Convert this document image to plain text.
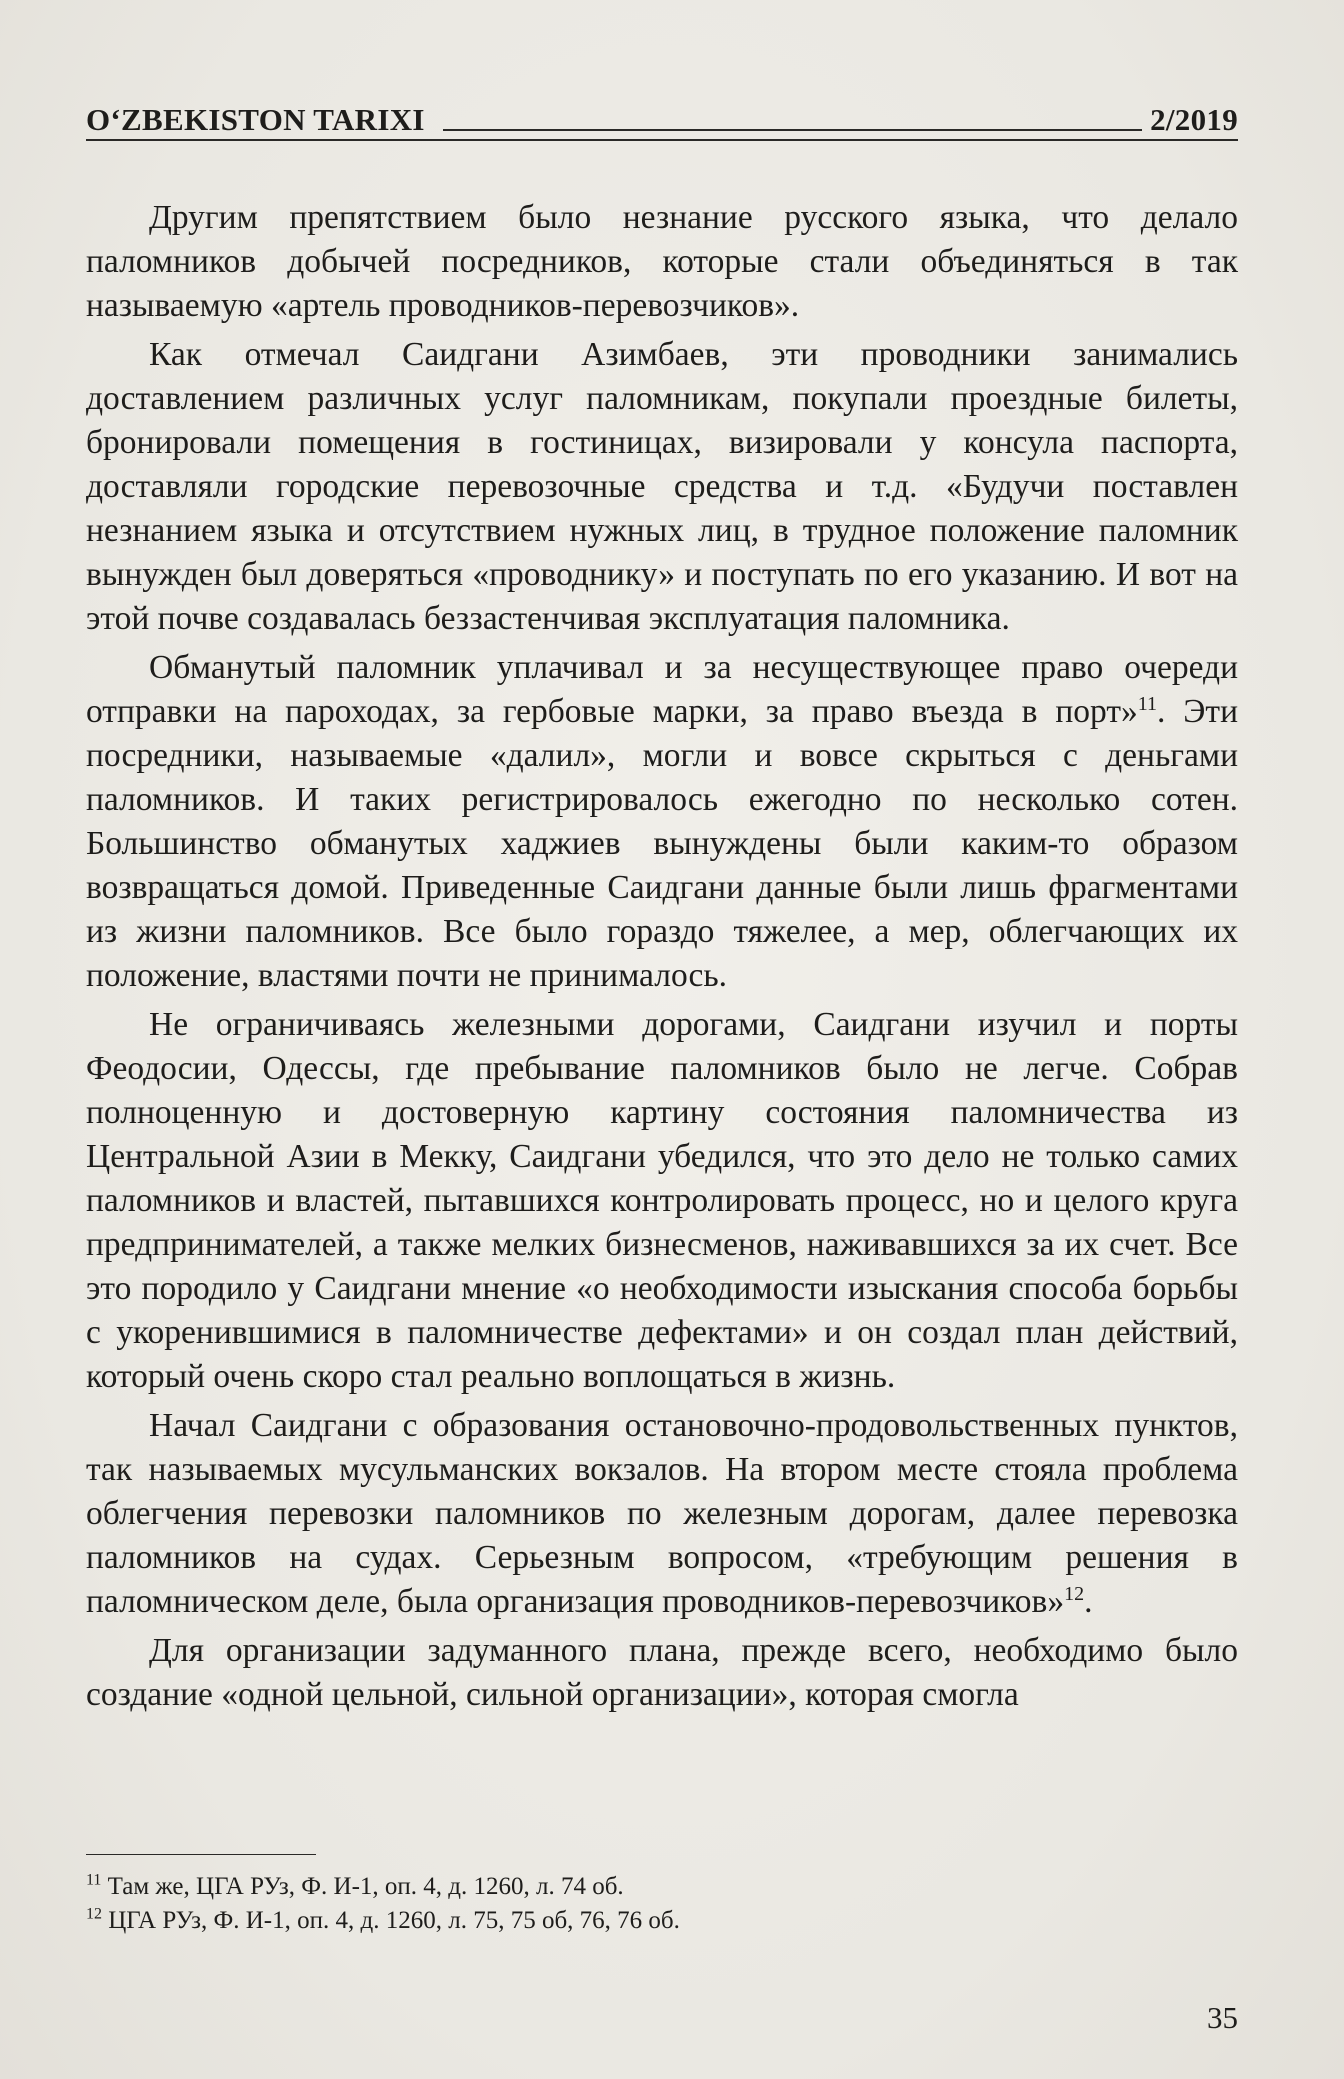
O‘ZBEKISTON TARIXI	2/2019

Другим препятствием было незнание русского языка, что делало паломников добычей посредников, которые стали объединяться в так называемую «артель проводников-перевозчиков».

Как отмечал Саидгани Азимбаев, эти проводники занимались доставлением различных услуг паломникам, покупали проездные билеты, бронировали помещения в гостиницах, визировали у консула паспорта, доставляли городские перевозочные средства и т.д. «Будучи поставлен незнанием языка и отсутствием нужных лиц, в трудное положение паломник вынужден был доверяться «проводнику» и поступать по его указанию. И вот на этой почве создавалась беззастенчивая эксплуатация паломника.

Обманутый паломник уплачивал и за несуществующее право очереди отправки на пароходах, за гербовые марки, за право въезда в порт»$^{11}$. Эти посредники, называемые «далил», могли и вовсе скрыться с деньгами паломников. И таких регистрировалось ежегодно по несколько сотен. Большинство обманутых хаджиев вынуждены были каким-то образом возвращаться домой. Приведенные Саидгани данные были лишь фрагментами из жизни паломников. Все было гораздо тяжелее, а мер, облегчающих их положение, властями почти не принималось.

Не ограничиваясь железными дорогами, Саидгани изучил и порты Феодосии, Одессы, где пребывание паломников было не легче. Собрав полноценную и достоверную картину состояния паломничества из Центральной Азии в Мекку, Саидгани убедился, что это дело не только самих паломников и властей, пытавшихся контролировать процесс, но и целого круга предпринимателей, а также мелких бизнесменов, наживавшихся за их счет. Все это породило у Саидгани мнение «о необходимости изыскания способа борьбы с укоренившимися в паломничестве дефектами» и он создал план действий, который очень скоро стал реально воплощаться в жизнь.

Начал Саидгани с образования остановочно-продовольственных пунктов, так называемых мусульманских вокзалов. На втором месте стояла проблема облегчения перевозки паломников по железным дорогам, далее перевозка паломников на судах. Серьезным вопросом, «требующим решения в паломническом деле, была организация проводников-перевозчиков»$^{12}$.

Для организации задуманного плана, прежде всего, необходимо было создание «одной цельной, сильной организации», которая смогла

$^{11}$ Там же, ЦГА РУз, Ф. И-1, оп. 4, д. 1260, л. 74 об.

$^{12}$ ЦГА РУз, Ф. И-1, оп. 4, д. 1260, л. 75, 75 об, 76, 76 об.

35
